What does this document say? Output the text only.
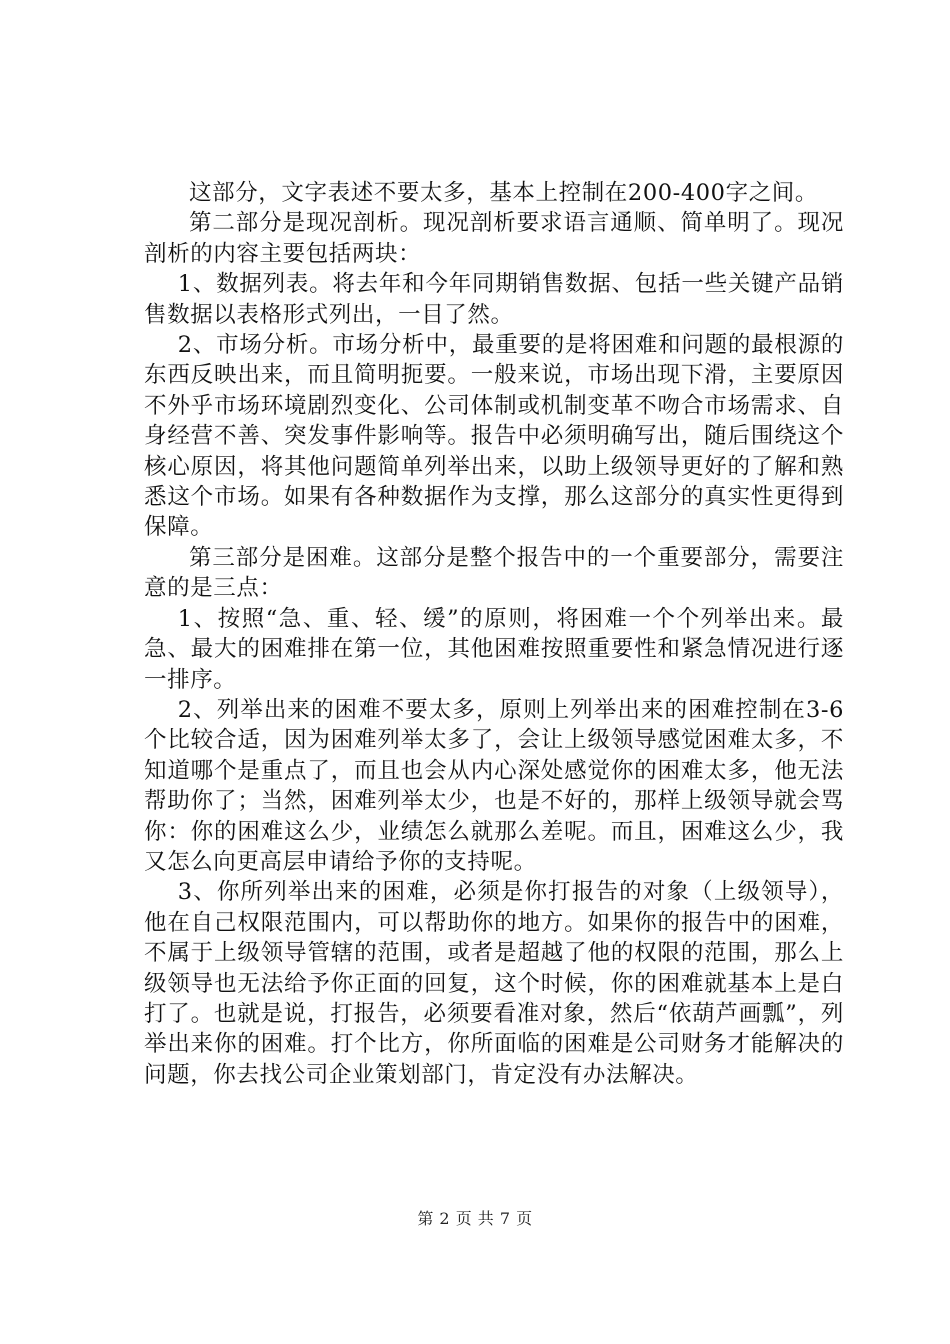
这部分，文字表述不要太多，基本上控制在200-400字之间。

第二部分是现况剖析。现况剖析要求语言通顺、简单明了。现况剖析的内容主要包括两块：

1、数据列表。将去年和今年同期销售数据、包括一些关键产品销售数据以表格形式列出，一目了然。

2、市场分析。市场分析中，最重要的是将困难和问题的最根源的东西反映出来，而且简明扼要。一般来说，市场出现下滑，主要原因不外乎市场环境剧烈变化、公司体制或机制变革不吻合市场需求、自身经营不善、突发事件影响等。报告中必须明确写出，随后围绕这个核心原因，将其他问题简单列举出来，以助上级领导更好的了解和熟悉这个市场。如果有各种数据作为支撑，那么这部分的真实性更得到保障。

第三部分是困难。这部分是整个报告中的一个重要部分，需要注意的是三点：

1、按照“急、重、轻、缓”的原则，将困难一个个列举出来。最急、最大的困难排在第一位，其他困难按照重要性和紧急情况进行逐一排序。

2、列举出来的困难不要太多，原则上列举出来的困难控制在3-6个比较合适，因为困难列举太多了，会让上级领导感觉困难太多，不知道哪个是重点了，而且也会从内心深处感觉你的困难太多，他无法帮助你了；当然，困难列举太少，也是不好的，那样上级领导就会骂你：你的困难这么少，业绩怎么就那么差呢。而且，困难这么少，我又怎么向更高层申请给予你的支持呢。

3、你所列举出来的困难，必须是你打报告的对象（上级领导），他在自己权限范围内，可以帮助你的地方。如果你的报告中的困难，不属于上级领导管辖的范围，或者是超越了他的权限的范围，那么上级领导也无法给予你正面的回复，这个时候，你的困难就基本上是白打了。也就是说，打报告，必须要看准对象，然后“依葫芦画瓢”，列举出来你的困难。打个比方，你所面临的困难是公司财务才能解决的问题，你去找公司企业策划部门，肯定没有办法解决。

第 2 页 共 7 页
